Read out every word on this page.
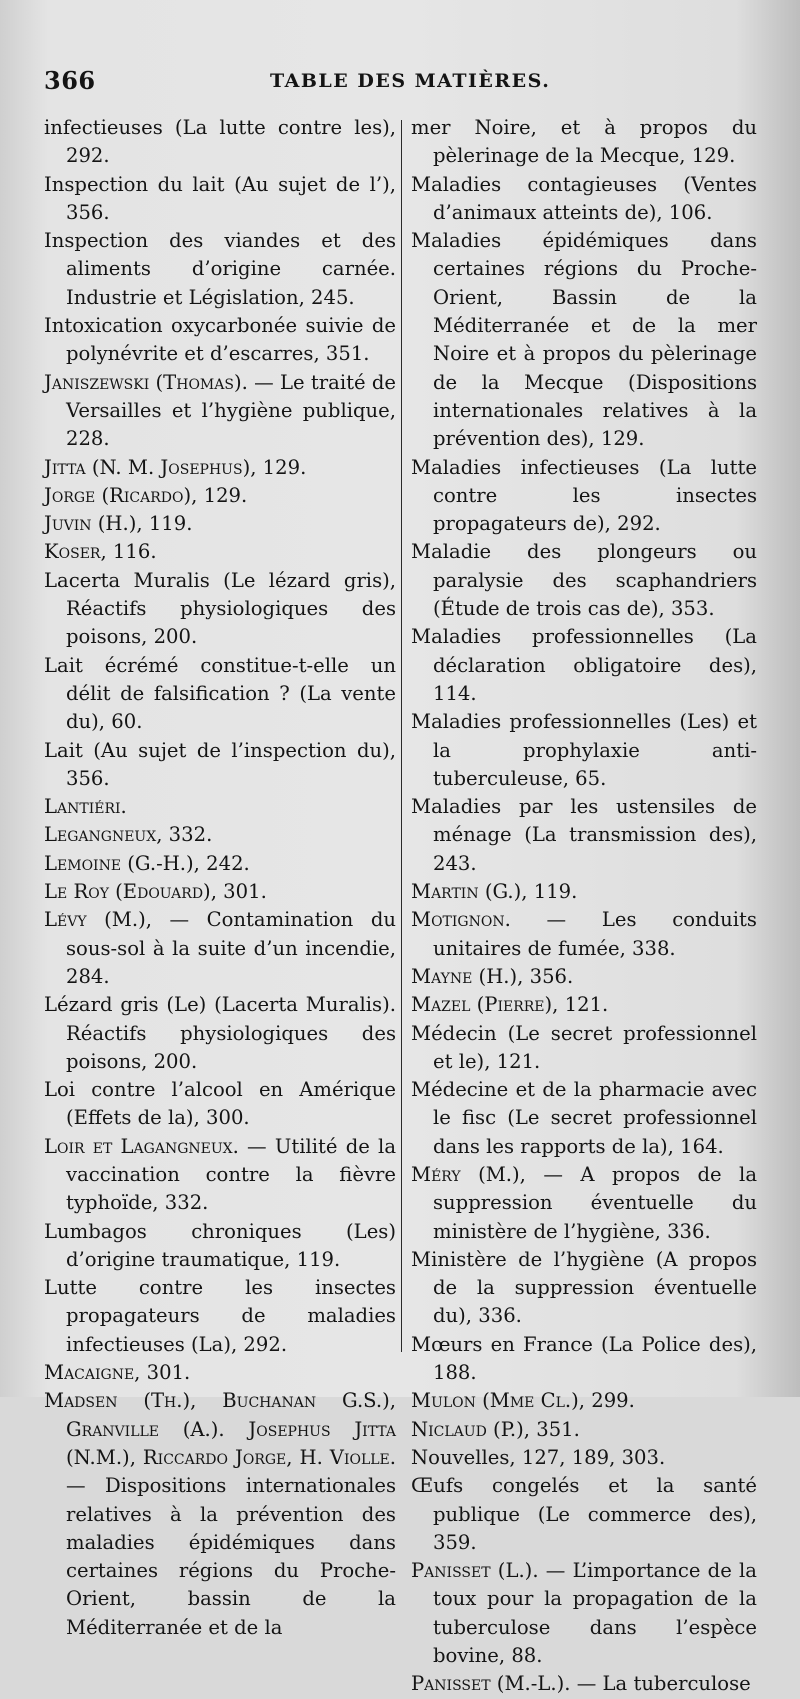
366	TABLE DES MATIÈRES.

infectieuses (La lutte contre les), 292.

Inspection du lait (Au sujet de l’), 356.

Inspection des viandes et des aliments d’origine carnée. Industrie et Législation, 245.

Intoxication oxycarbonée suivie de polynévrite et d’escarres, 351.

Janiszewski (Thomas). — Le traité de Versailles et l’hygiène publique, 228.

Jitta (N. M. Josephus), 129.

Jorge (Ricardo), 129.

Juvin (H.), 119.

Koser, 116.

Lacerta Muralis (Le lézard gris), Réactifs physiologiques des poisons, 200.

Lait écrémé constitue-t-elle un délit de falsification ? (La vente du), 60.

Lait (Au sujet de l’inspection du), 356.

Lantiéri.

Legangneux, 332.

Lemoine (G.-H.), 242.

Le Roy (Edouard), 301.

Lévy (M.), — Contamination du sous-sol à la suite d’un incendie, 284.

Lézard gris (Le) (Lacerta Muralis). Réactifs physiologiques des poisons, 200.

Loi contre l’alcool en Amérique (Effets de la), 300.

Loir et Lagangneux. — Utilité de la vaccination contre la fièvre typhoïde, 332.

Lumbagos chroniques (Les) d’origine traumatique, 119.

Lutte contre les insectes propagateurs de maladies infectieuses (La), 292.

Macaigne, 301.

Madsen (Th.), Buchanan G.S.), Granville (A.). Josephus Jitta (N.M.), Riccardo Jorge, H. Violle. — Dispositions internationales relatives à la prévention des maladies épidémiques dans certaines régions du Proche-Orient, bassin de la Méditerranée et de la

mer Noire, et à propos du pèlerinage de la Mecque, 129.

Maladies contagieuses (Ventes d’animaux atteints de), 106.

Maladies épidémiques dans certaines régions du Proche-Orient, Bassin de la Méditerranée et de la mer Noire et à propos du pèlerinage de la Mecque (Dispositions internationales relatives à la prévention des), 129.

Maladies infectieuses (La lutte contre les insectes propagateurs de), 292.

Maladie des plongeurs ou paralysie des scaphandriers (Étude de trois cas de), 353.

Maladies professionnelles (La déclaration obligatoire des), 114.

Maladies professionnelles (Les) et la prophylaxie anti-tuberculeuse, 65.

Maladies par les ustensiles de ménage (La transmission des), 243.

Martin (G.), 119.

Motignon. — Les conduits unitaires de fumée, 338.

Mayne (H.), 356.

Mazel (Pierre), 121.

Médecin (Le secret professionnel et le), 121.

Médecine et de la pharmacie avec le fisc (Le secret professionnel dans les rapports de la), 164.

Méry (M.), — A propos de la suppression éventuelle du ministère de l’hygiène, 336.

Ministère de l’hygiène (A propos de la suppression éventuelle du), 336.

Mœurs en France (La Police des), 188.

Mulon (Mme Cl.), 299.

Niclaud (P.), 351.

Nouvelles, 127, 189, 303.

Œufs congelés et la santé publique (Le commerce des), 359.

Panisset (L.). — L’importance de la toux pour la propagation de la tuberculose dans l’espèce bovine, 88.

Panisset (M.-L.). — La tuberculose
